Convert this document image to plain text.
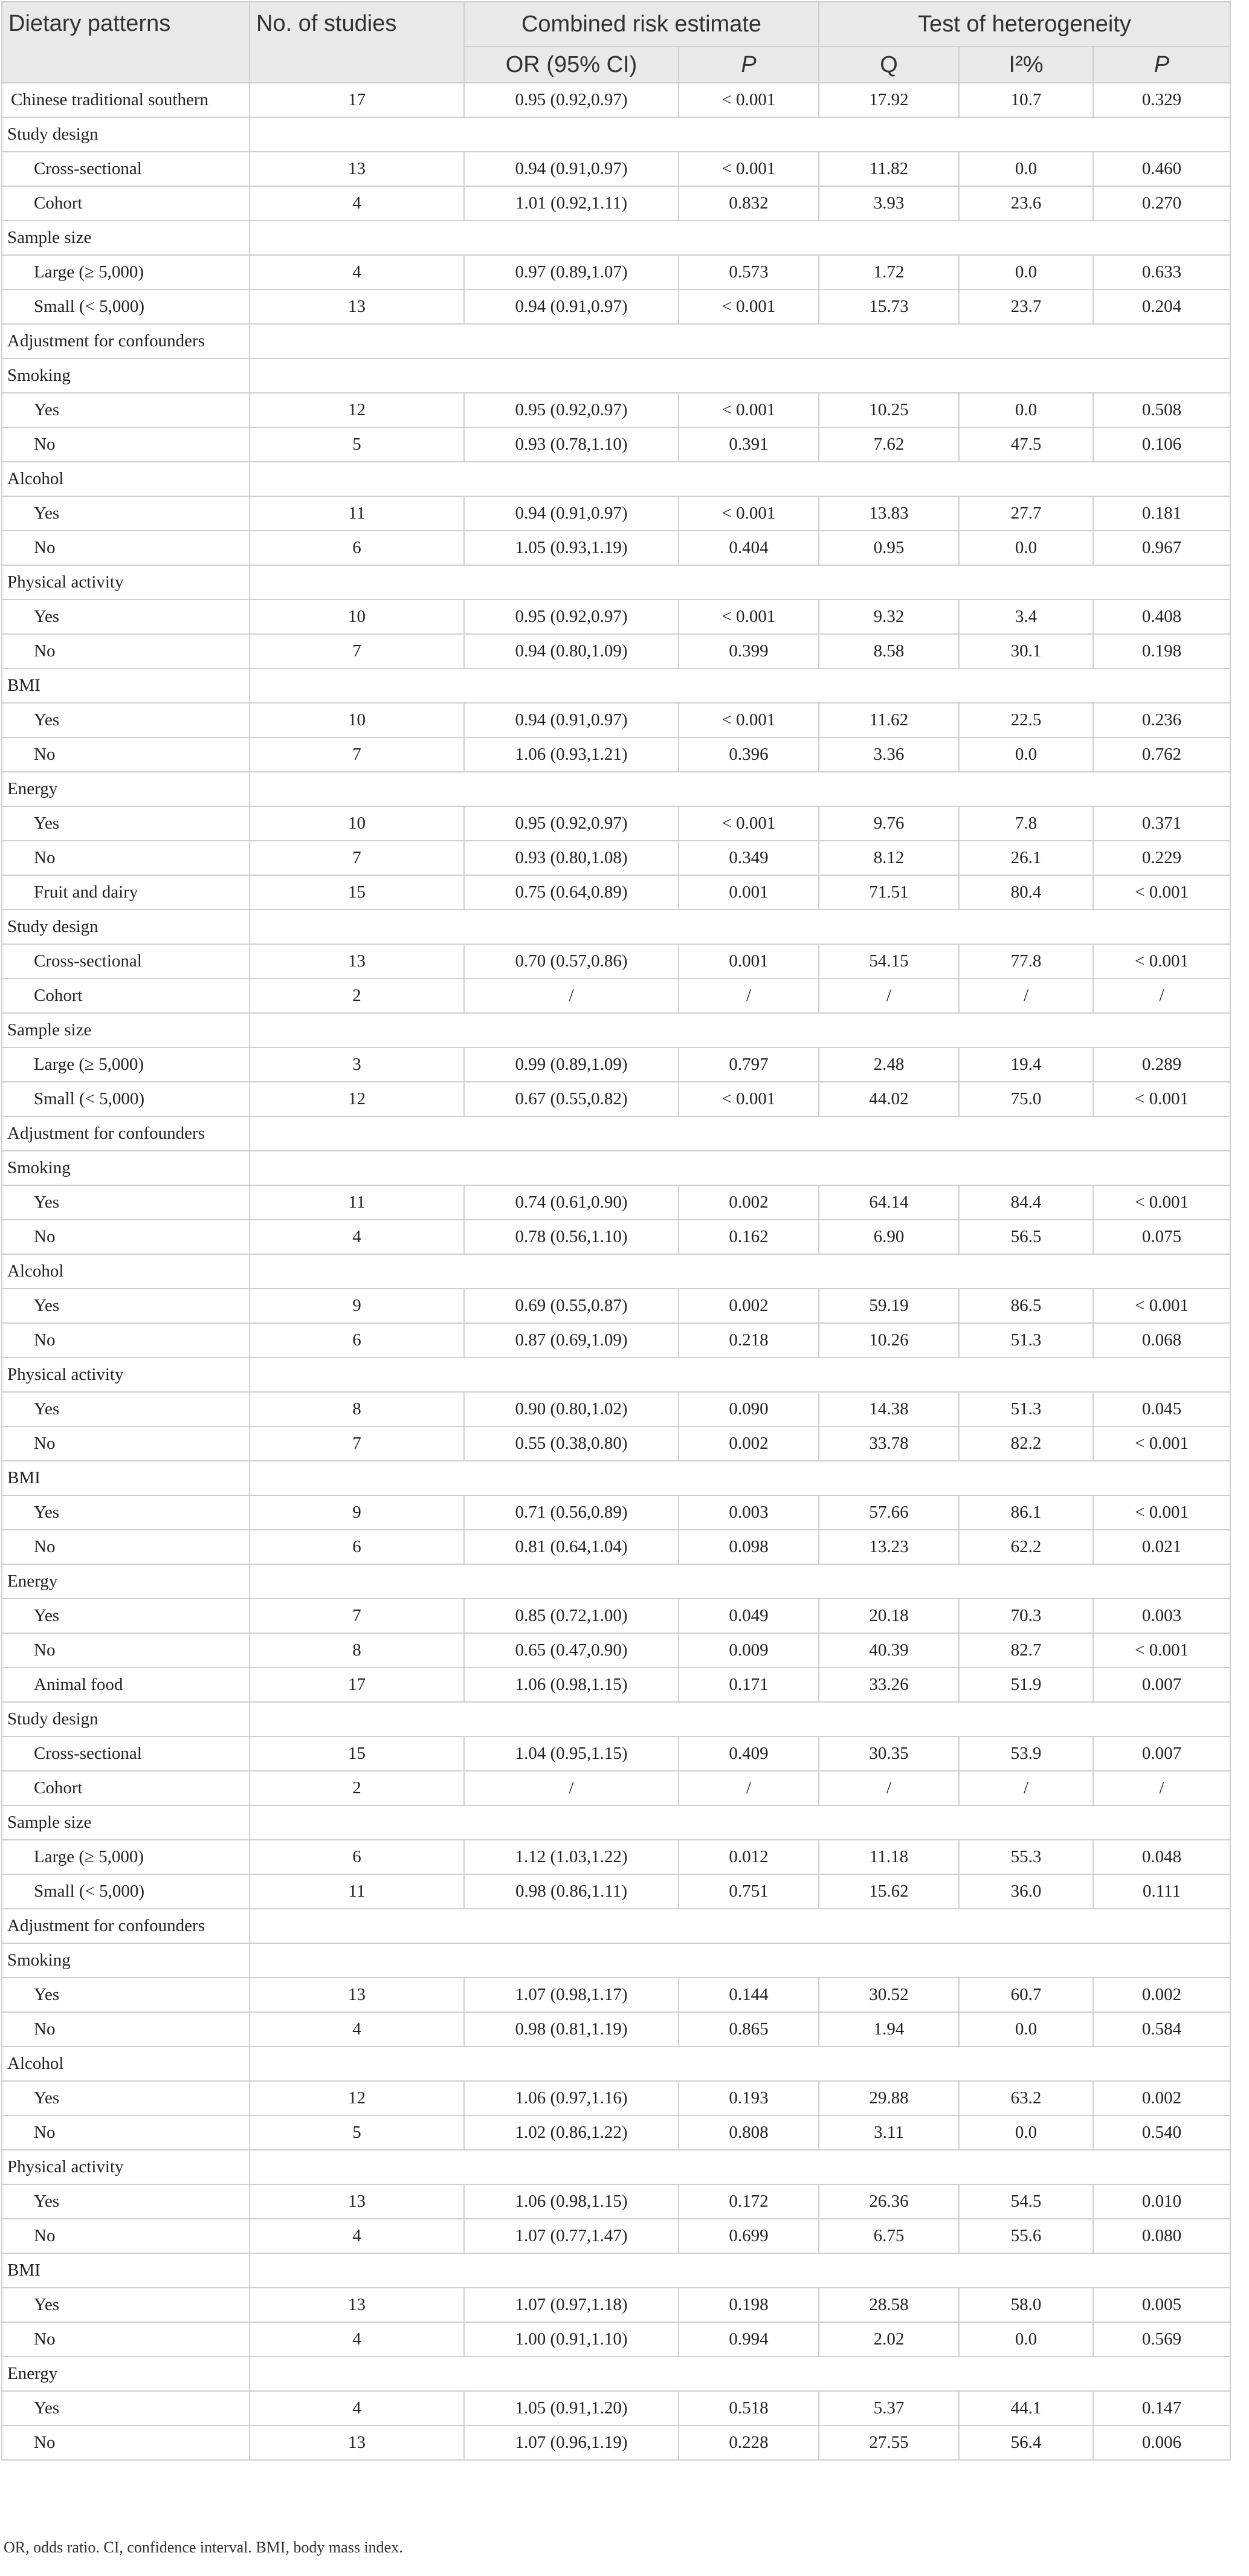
Dietary patterns	No. of studies	Combined risk estimate		Test of heterogeneity		
		OR (95% CI)	P	Q	I²%	P
Chinese traditional southern	17	0.95 (0.92,0.97)	< 0.001	17.92	10.7	0.329
Study design						
Cross-sectional	13	0.94 (0.91,0.97)	< 0.001	11.82	0.0	0.460
Cohort	4	1.01 (0.92,1.11)	0.832	3.93	23.6	0.270
Sample size						
Large (≥ 5,000)	4	0.97 (0.89,1.07)	0.573	1.72	0.0	0.633
Small (< 5,000)	13	0.94 (0.91,0.97)	< 0.001	15.73	23.7	0.204
Adjustment for confounders						
Smoking						
Yes	12	0.95 (0.92,0.97)	< 0.001	10.25	0.0	0.508
No	5	0.93 (0.78,1.10)	0.391	7.62	47.5	0.106
Alcohol						
Yes	11	0.94 (0.91,0.97)	< 0.001	13.83	27.7	0.181
No	6	1.05 (0.93,1.19)	0.404	0.95	0.0	0.967
Physical activity						
Yes	10	0.95 (0.92,0.97)	< 0.001	9.32	3.4	0.408
No	7	0.94 (0.80,1.09)	0.399	8.58	30.1	0.198
BMI						
Yes	10	0.94 (0.91,0.97)	< 0.001	11.62	22.5	0.236
No	7	1.06 (0.93,1.21)	0.396	3.36	0.0	0.762
Energy						
Yes	10	0.95 (0.92,0.97)	< 0.001	9.76	7.8	0.371
No	7	0.93 (0.80,1.08)	0.349	8.12	26.1	0.229
Fruit and dairy	15	0.75 (0.64,0.89)	0.001	71.51	80.4	< 0.001
Study design						
Cross-sectional	13	0.70 (0.57,0.86)	0.001	54.15	77.8	< 0.001
Cohort	2	/	/	/	/	/
Sample size						
Large (≥ 5,000)	3	0.99 (0.89,1.09)	0.797	2.48	19.4	0.289
Small (< 5,000)	12	0.67 (0.55,0.82)	< 0.001	44.02	75.0	< 0.001
Adjustment for confounders						
Smoking						
Yes	11	0.74 (0.61,0.90)	0.002	64.14	84.4	< 0.001
No	4	0.78 (0.56,1.10)	0.162	6.90	56.5	0.075
Alcohol						
Yes	9	0.69 (0.55,0.87)	0.002	59.19	86.5	< 0.001
No	6	0.87 (0.69,1.09)	0.218	10.26	51.3	0.068
Physical activity						
Yes	8	0.90 (0.80,1.02)	0.090	14.38	51.3	0.045
No	7	0.55 (0.38,0.80)	0.002	33.78	82.2	< 0.001
BMI						
Yes	9	0.71 (0.56,0.89)	0.003	57.66	86.1	< 0.001
No	6	0.81 (0.64,1.04)	0.098	13.23	62.2	0.021
Energy						
Yes	7	0.85 (0.72,1.00)	0.049	20.18	70.3	0.003
No	8	0.65 (0.47,0.90)	0.009	40.39	82.7	< 0.001
Animal food	17	1.06 (0.98,1.15)	0.171	33.26	51.9	0.007
Study design						
Cross-sectional	15	1.04 (0.95,1.15)	0.409	30.35	53.9	0.007
Cohort	2	/	/	/	/	/
Sample size						
Large (≥ 5,000)	6	1.12 (1.03,1.22)	0.012	11.18	55.3	0.048
Small (< 5,000)	11	0.98 (0.86,1.11)	0.751	15.62	36.0	0.111
Adjustment for confounders						
Smoking						
Yes	13	1.07 (0.98,1.17)	0.144	30.52	60.7	0.002
No	4	0.98 (0.81,1.19)	0.865	1.94	0.0	0.584
Alcohol						
Yes	12	1.06 (0.97,1.16)	0.193	29.88	63.2	0.002
No	5	1.02 (0.86,1.22)	0.808	3.11	0.0	0.540
Physical activity						
Yes	13	1.06 (0.98,1.15)	0.172	26.36	54.5	0.010
No	4	1.07 (0.77,1.47)	0.699	6.75	55.6	0.080
BMI						
Yes	13	1.07 (0.97,1.18)	0.198	28.58	58.0	0.005
No	4	1.00 (0.91,1.10)	0.994	2.02	0.0	0.569
Energy						
Yes	4	1.05 (0.91,1.20)	0.518	5.37	44.1	0.147
No	13	1.07 (0.96,1.19)	0.228	27.55	56.4	0.006
OR, odds ratio. CI, confidence interval. BMI, body mass index.
